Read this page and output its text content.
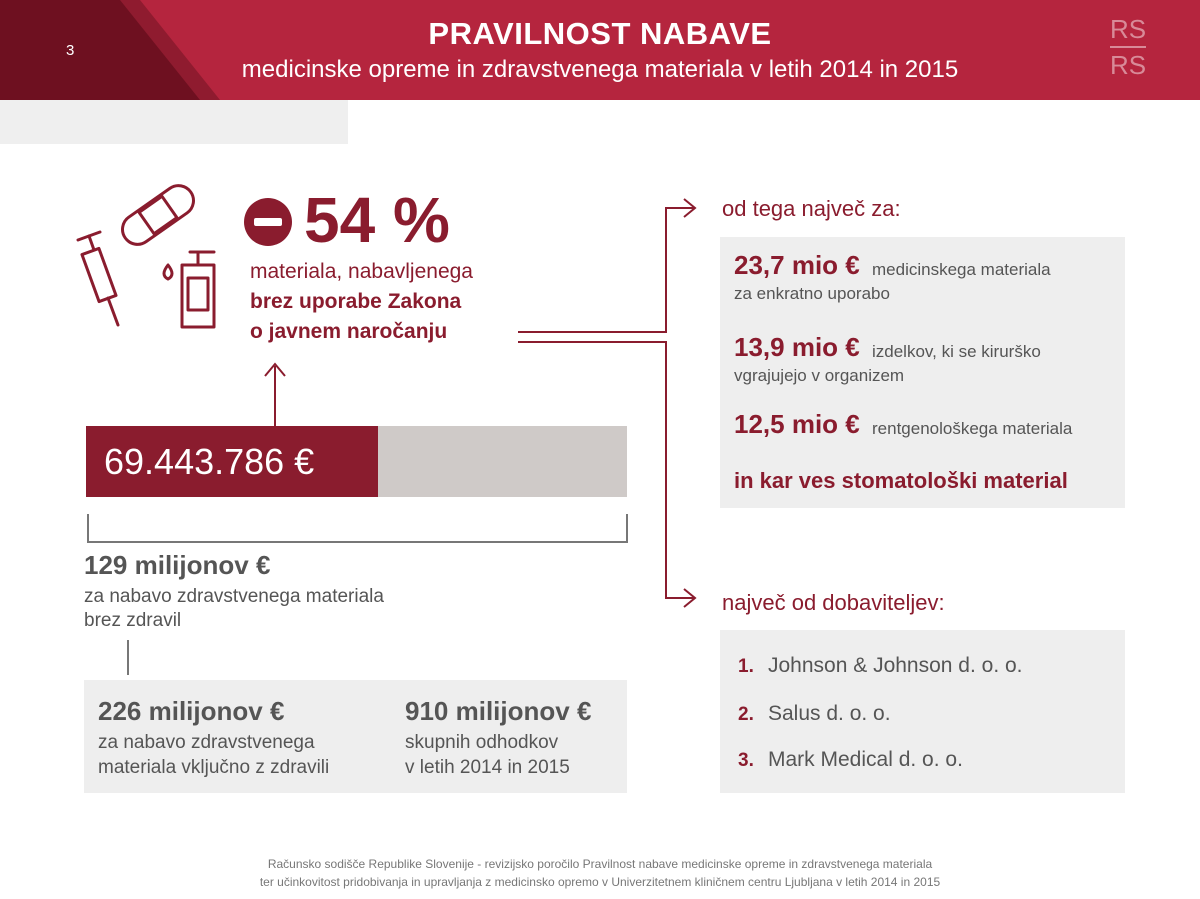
3	PRAVILNOST NABAVE
medicinske opreme in zdravstvenega materiala v letih 2014 in 2015
RS
RS
54 %
materiala, nabavljenega
brez uporabe Zakona
o javnem naročanju
69.443.786 €
129 milijonov €
za nabavo zdravstvenega materiala
brez zdravil
226 milijonov €
za nabavo zdravstvenega
materiala vključno z zdravili
910 milijonov €
skupnih odhodkov
v letih 2014 in 2015
od tega največ za:
23,7 mio € medicinskega materiala
za enkratno uporabo
13,9 mio € izdelkov, ki se kirurško
vgrajujejo v organizem
12,5 mio € rentgenološkega materiala
in kar ves stomatološki material
največ od dobaviteljev:
1. Johnson & Johnson d. o. o.
2. Salus d. o. o.
3. Mark Medical d. o. o.
Računsko sodišče Republike Slovenije - revizijsko poročilo Pravilnost nabave medicinske opreme in zdravstvenega materiala
ter učinkovitost pridobivanja in upravljanja z medicinsko opremo v Univerzitetnem kliničnem centru Ljubljana v letih 2014 in 2015
